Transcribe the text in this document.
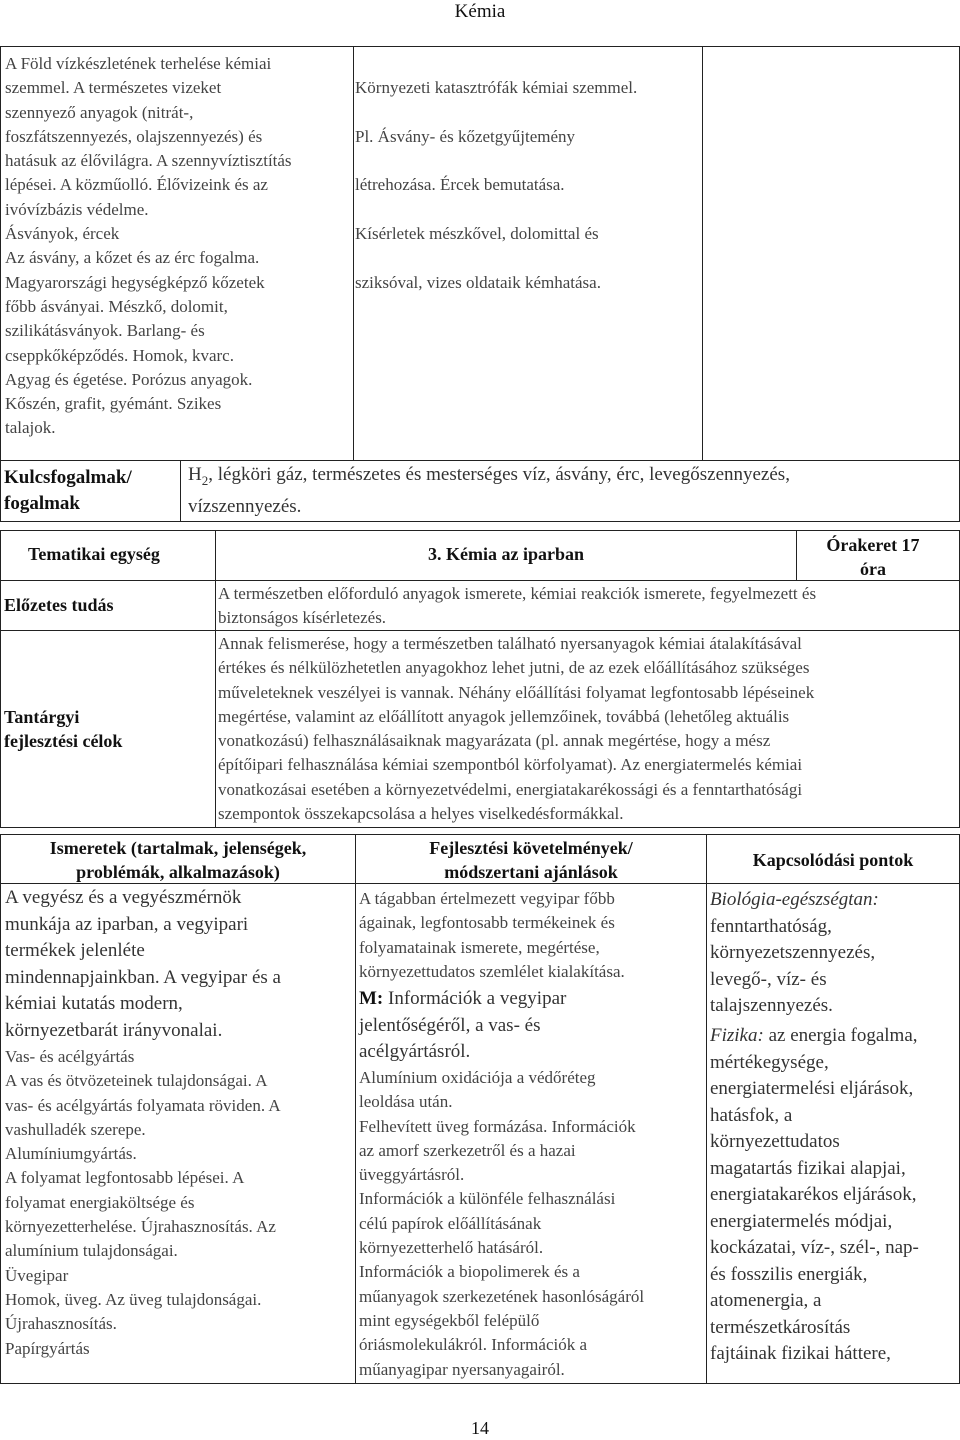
Kémia
A Föld vízkészletének terhelése kémiai
szemmel. A természetes vizeket
szennyező anyagok (nitrát-,
foszfátszennyezés, olajszennyezés) és
hatásuk az élővilágra. A szennyvíztisztítás
lépései. A közműolló. Élővizeink és az
ivóvízbázis védelme.
Ásványok, ércek
Az ásvány, a kőzet és az érc fogalma.
Magyarországi hegységképző kőzetek
főbb ásványai. Mészkő, dolomit,
szilikátásványok. Barlang- és
cseppkőképződés. Homok, kvarc.
Agyag és égetése. Porózus anyagok.
Kőszén, grafit, gyémánt. Szikes
talajok.

Környezeti katasztrófák kémiai szemmel.

Pl. Ásvány- és kőzetgyűjtemény

létrehozása. Ércek bemutatása.

Kísérletek mészkővel, dolomittal és

sziksóval, vizes oldataik kémhatása.

Kulcsfogalmak/
fogalmak
$H_2$, légköri gáz, természetes és mesterséges víz, ásvány, érc, levegőszennyezés,
vízszennyezés.
Tematikai egység	3. Kémia az iparban	Órakeret 17
óra
Előzetes tudás
A természetben előforduló anyagok ismerete, kémiai reakciók ismerete, fegyelmezett és
biztonságos kísérletezés.
Tantárgyi
fejlesztési célok
Annak felismerése, hogy a természetben található nyersanyagok kémiai átalakításával
értékes és nélkülözhetetlen anyagokhoz lehet jutni, de az ezek előállításához szükséges
műveleteknek veszélyei is vannak. Néhány előállítási folyamat legfontosabb lépéseinek
megértése, valamint az előállított anyagok jellemzőinek, továbbá (lehetőleg aktuális
vonatkozású) felhasználásaiknak magyarázata (pl. annak megértése, hogy a mész
építőipari felhasználása kémiai szempontból körfolyamat). Az energiatermelés kémiai
vonatkozásai esetében a környezetvédelmi, energiatakarékossági és a fenntarthatósági
szempontok összekapcsolása a helyes viselkedésformákkal.
Ismeretek (tartalmak, jelenségek,
problémák, alkalmazások)
Fejlesztési követelmények/
módszertani ajánlások
Kapcsolódási pontok
A vegyész és a vegyészmérnök
munkája az iparban, a vegyipari
termékek jelenléte
mindennapjainkban. A vegyipar és a
kémiai kutatás modern,
környezetbarát irányvonalai.
Vas- és acélgyártás
A vas és ötvözeteinek tulajdonságai. A
vas- és acélgyártás folyamata röviden. A
vashulladék szerepe.
Alumíniumgyártás.
A folyamat legfontosabb lépései. A
folyamat energiaköltsége és
környezetterhelése. Újrahasznosítás. Az
alumínium tulajdonságai.
Üvegipar
Homok, üveg. Az üveg tulajdonságai.
Újrahasznosítás.
Papírgyártás
A tágabban értelmezett vegyipar főbb
ágainak, legfontosabb termékeinek és
folyamatainak ismerete, megértése,
környezettudatos szemlélet kialakítása.
M: Információk a vegyipar
jelentőségéről, a vas- és
acélgyártásról.
Alumínium oxidációja a védőréteg
leoldása után.
Felhevített üveg formázása. Információk
az amorf szerkezetről és a hazai
üveggyártásról.
Információk a különféle felhasználási
célú papírok előállításának
környezetterhelő hatásáról.
Információk a biopolimerek és a
műanyagok szerkezetének hasonlóságáról
mint egységekből felépülő
óriásmolekulákról. Információk a
műanyagipar nyersanyagairól.
Biológia-egészségtan:
fenntarthatóság,
környezetszennyezés,
levegő-, víz- és
talajszennyezés.
Fizika: az energia fogalma,
mértékegysége,
energiatermelési eljárások,
hatásfok, a
környezettudatos
magatartás fizikai alapjai,
energiatakarékos eljárások,
energiatermelés módjai,
kockázatai, víz-, szél-, nap-
és fosszilis energiák,
atomenergia, a
természetkárosítás
fajtáinak fizikai háttere,
14
